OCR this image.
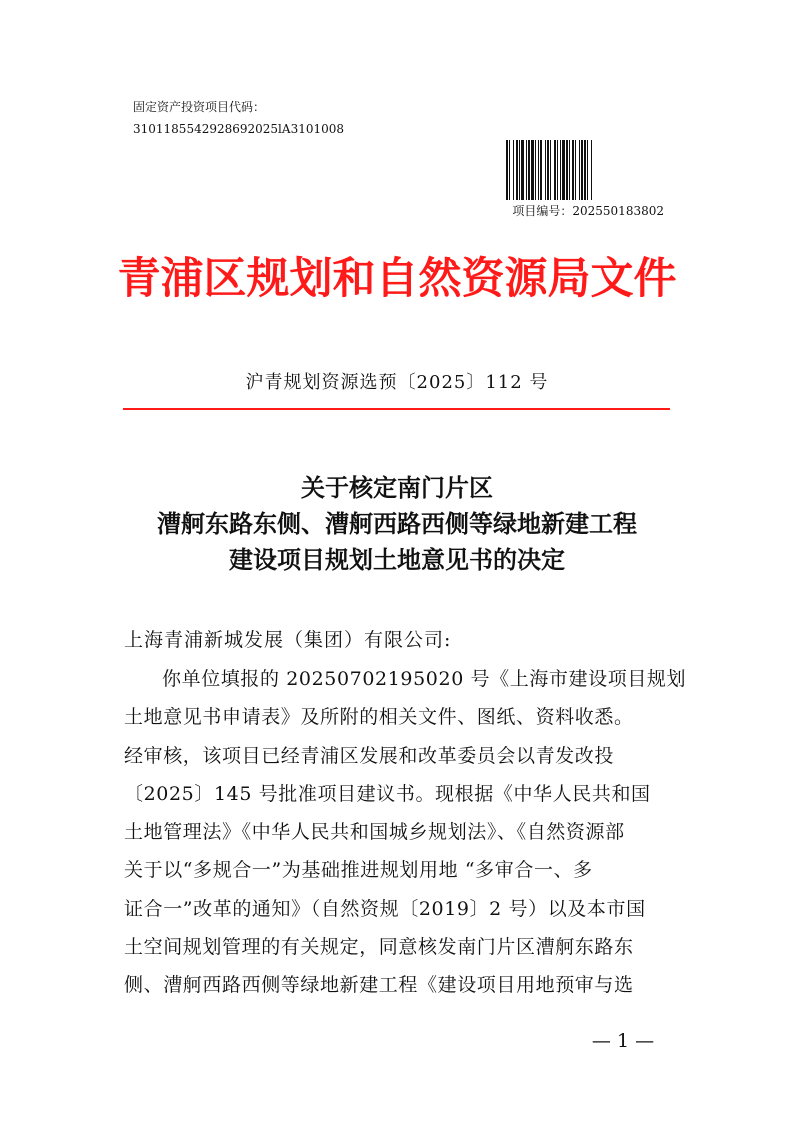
固定资产投资项目代码：
3101185542928692025lA3101008
项目编号：202550183802
青浦区规划和自然资源局文件
沪青规划资源选预〔2025〕112 号
关于核定南门片区
漕舸东路东侧、漕舸西路西侧等绿地新建工程
建设项目规划土地意见书的决定
上海青浦新城发展（集团）有限公司:
你单位填报的 20250702195020 号《上海市建设项目规划
土地意见书申请表》及所附的相关文件、图纸、资料收悉。
经审核，该项目已经青浦区发展和改革委员会以青发改投
〔2025〕145 号批准项目建议书。现根据《中华人民共和国
土地管理法》《中华人民共和国城乡规划法》、《自然资源部
关于以“多规合一”为基础推进规划用地 “多审合一、多
证合一”改革的通知》（自然资规〔2019〕2 号）以及本市国
土空间规划管理的有关规定，同意核发南门片区漕舸东路东
侧、漕舸西路西侧等绿地新建工程《建设项目用地预审与选
— 1 —
